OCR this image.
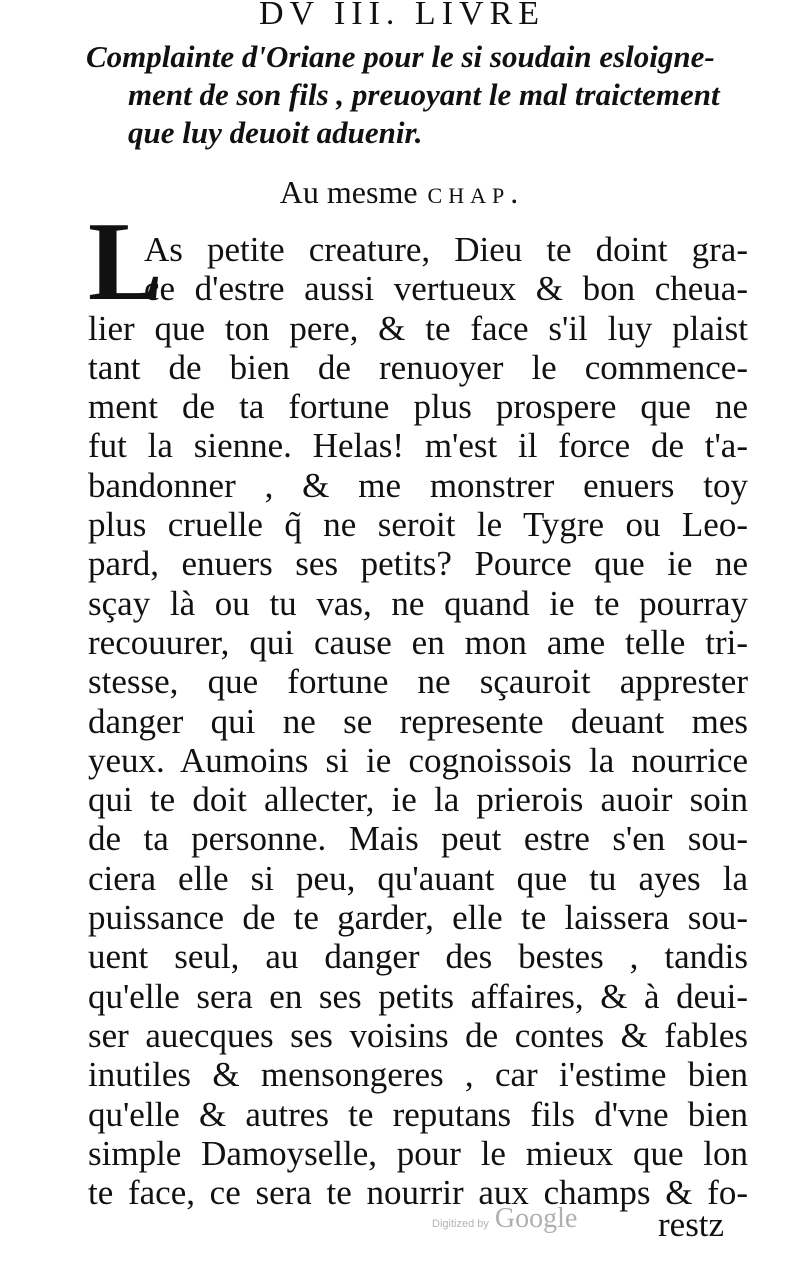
DV III. LIVRE
Complainte d'Oriane pour le si soudain esloigne-
ment de son fils , preuoyant le mal traictement
que luy deuoit aduenir.
Au mesme chap.
L
As petite creature, Dieu te doint gra-
ce d'estre aussi vertueux & bon cheua-
lier que ton pere, & te face s'il luy plaist
tant de bien de renuoyer le commence-
ment de ta fortune plus prospere que ne
fut la sienne. Helas! m'est il force de t'a-
bandonner , & me monstrer enuers toy
plus cruelle q̃ ne seroit le Tygre ou Leo-
pard, enuers ses petits? Pource que ie ne
sçay là ou tu vas, ne quand ie te pourray
recouurer, qui cause en mon ame telle tri-
stesse, que fortune ne sçauroit apprester
danger qui ne se represente deuant mes
yeux. Aumoins si ie cognoissois la nourrice
qui te doit allecter, ie la prierois auoir soin
de ta personne. Mais peut estre s'en sou-
ciera elle si peu, qu'auant que tu ayes la
puissance de te garder, elle te laissera sou-
uent seul, au danger des bestes , tandis
qu'elle sera en ses petits affaires, & à deui-
ser auecques ses voisins de contes & fables
inutiles & mensongeres , car i'estime bien
qu'elle & autres te reputans fils d'vne bien
simple Damoyselle, pour le mieux que lon
te face, ce sera te nourrir aux champs & fo-
Digitized by Google restz
